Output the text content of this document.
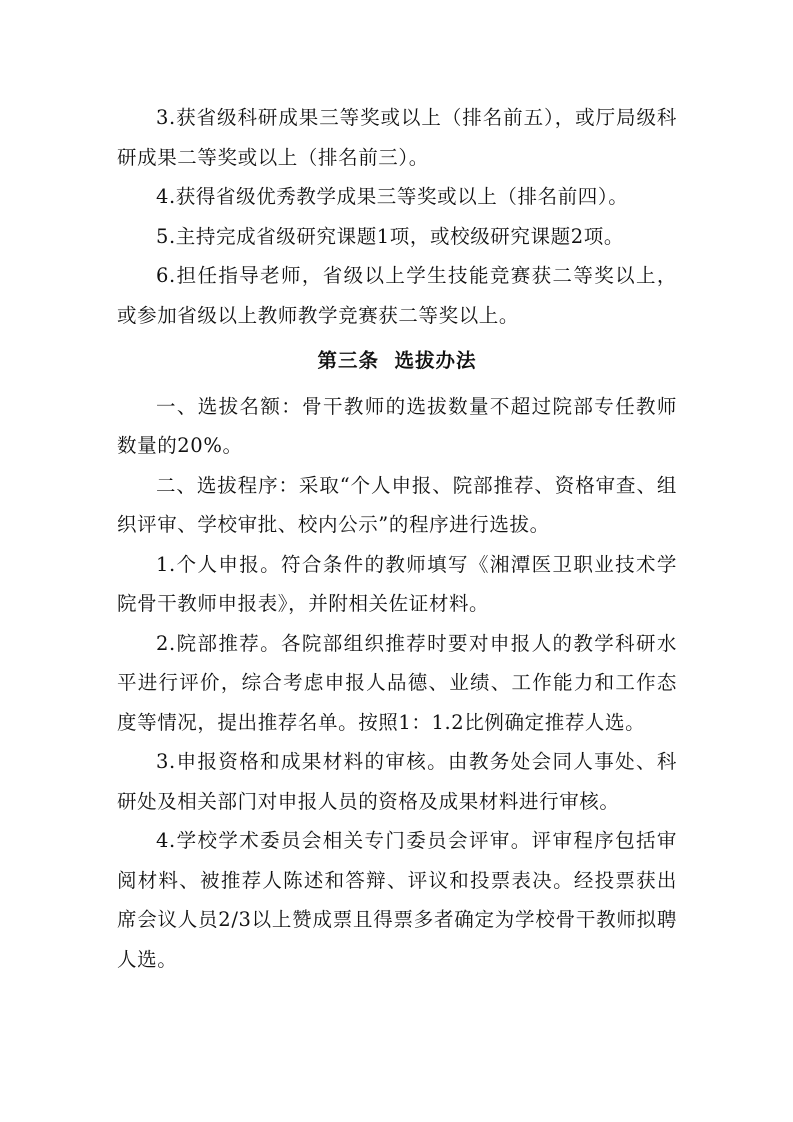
3.获省级科研成果三等奖或以上（排名前五），或厅局级科研成果二等奖或以上（排名前三）。

4.获得省级优秀教学成果三等奖或以上（排名前四）。

5.主持完成省级研究课题1项，或校级研究课题2项。

6.担任指导老师，省级以上学生技能竞赛获二等奖以上，或参加省级以上教师教学竞赛获二等奖以上。

第三条  选拔办法

一、选拔名额：骨干教师的选拔数量不超过院部专任教师数量的20%。

二、选拔程序：采取“个人申报、院部推荐、资格审查、组织评审、学校审批、校内公示”的程序进行选拔。

1.个人申报。符合条件的教师填写《湘潭医卫职业技术学院骨干教师申报表》，并附相关佐证材料。

2.院部推荐。各院部组织推荐时要对申报人的教学科研水平进行评价，综合考虑申报人品德、业绩、工作能力和工作态度等情况，提出推荐名单。按照1：1.2比例确定推荐人选。

3.申报资格和成果材料的审核。由教务处会同人事处、科研处及相关部门对申报人员的资格及成果材料进行审核。

4.学校学术委员会相关专门委员会评审。评审程序包括审阅材料、被推荐人陈述和答辩、评议和投票表决。经投票获出席会议人员2/3以上赞成票且得票多者确定为学校骨干教师拟聘人选。
